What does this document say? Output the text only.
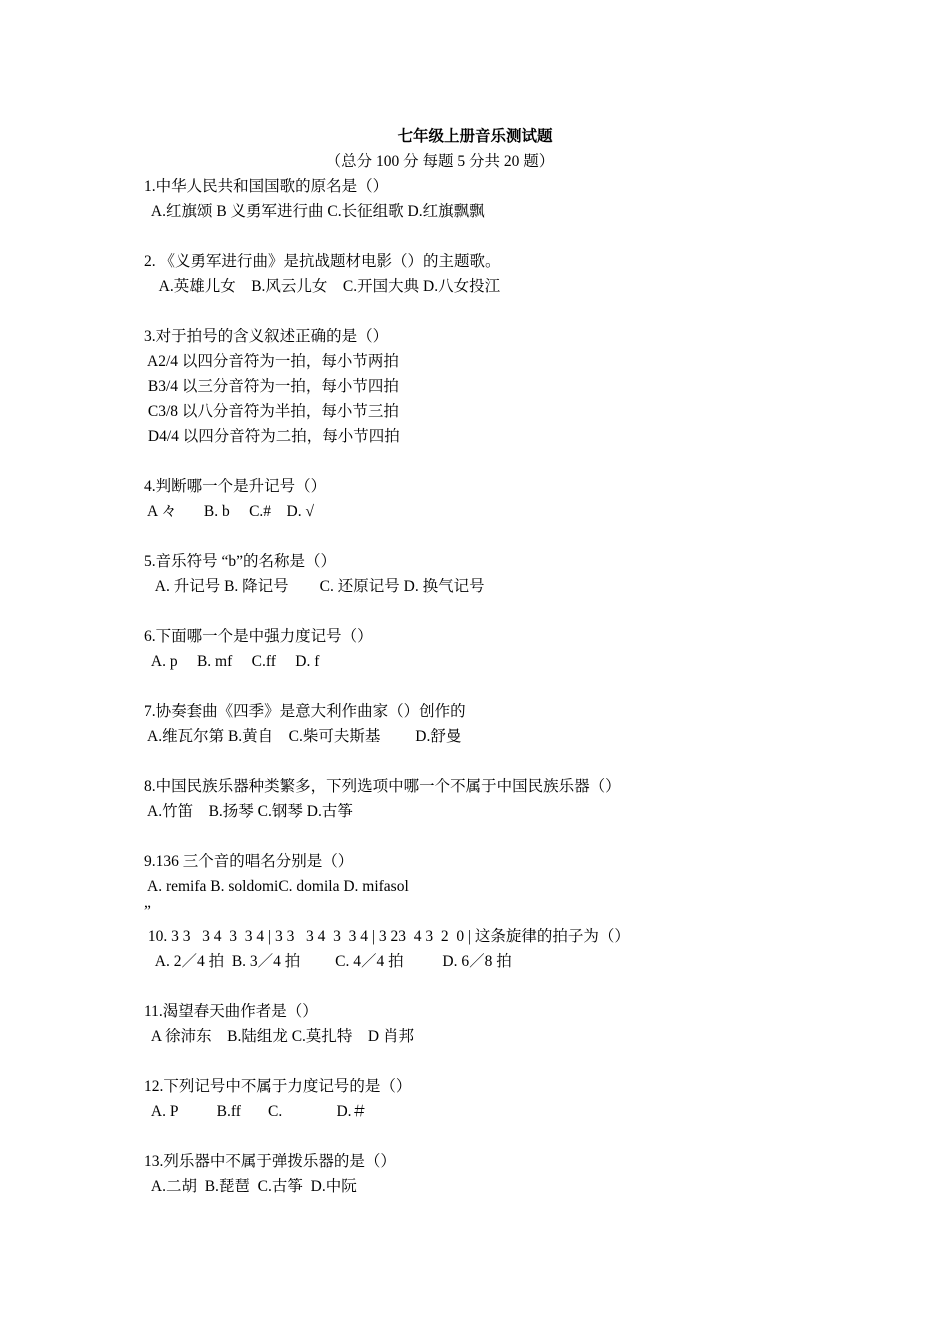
七年级上册音乐测试题
（总分 100 分 每题 5 分共 20 题）
1.中华人民共和国国歌的原名是（）
A.红旗颂 B 义勇军进行曲 C.长征组歌 D.红旗飘飘
2. 《义勇军进行曲》是抗战题材电影（）的主题歌。
A.英雄儿女    B.风云儿女    C.开国大典 D.八女投江
3.对于拍号的含义叙述正确的是（）
A2/4 以四分音符为一拍，每小节两拍
B3/4 以三分音符为一拍，每小节四拍
C3/8 以八分音符为半拍，每小节三拍
D4/4 以四分音符为二拍，每小节四拍
4.判断哪一个是升记号（）
A 々       B. b     C.#    D. √
5.音乐符号 “b”的名称是（）
A. 升记号 B. 降记号        C. 还原记号 D. 换气记号
6.下面哪一个是中强力度记号（）
A. p     B. mf     C.ff     D. f
7.协奏套曲《四季》是意大利作曲家（）创作的
A.维瓦尔第 B.黄自    C.柴可夫斯基         D.舒曼
8.中国民族乐器种类繁多，下列选项中哪一个不属于中国民族乐器（）
A.竹笛    B.扬琴 C.钢琴 D.古筝
9.136 三个音的唱名分别是（）
A. remifa B. soldomiC. domila D. mifasol
”
10. 3 3   3 4  3  3 4 | 3 3   3 4  3  3 4 | 3 23  4 3  2  0 | 这条旋律的拍子为（）
A. 2／4 拍  B. 3／4 拍         C. 4／4 拍          D. 6／8 拍
11.渴望春天曲作者是（）
A 徐沛东    B.陆组龙 C.莫扎特    D 肖邦
12.下列记号中不属于力度记号的是（）
A. P          B.ff       C.              D.＃
13.列乐器中不属于弹拨乐器的是（）
A.二胡  B.琵琶  C.古筝  D.中阮
